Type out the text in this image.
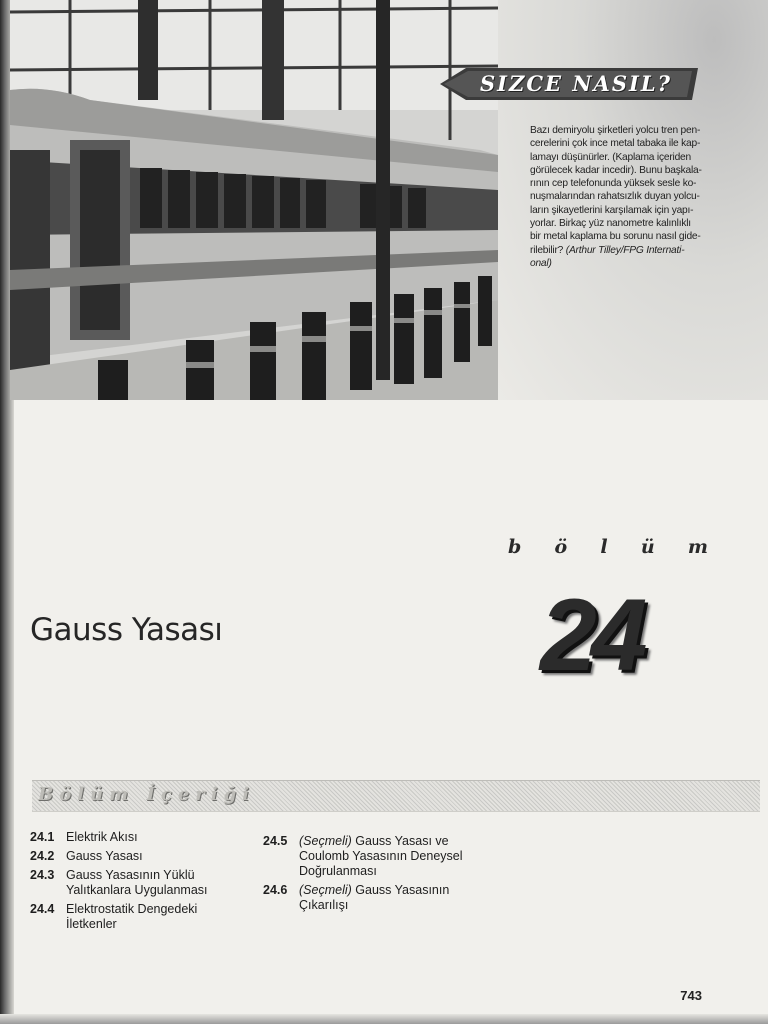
SIZCE NASIL?
Bazı demiryolu şirketleri yolcu tren pen-
cerelerini çok ince metal tabaka ile kap-
lamayı düşünürler. (Kaplama içeriden
görülecek kadar incedir). Bunu başkala-
rının cep telefonunda yüksek sesle ko-
nuşmalarından rahatsızlık duyan yolcu-
ların şikayetlerini karşılamak için yapı-
yorlar. Birkaç yüz nanometre kalınlıklı
bir metal kaplama bu sorunu nasıl gide-
rilebilir? (Arthur Tilley/FPG Internati-
onal)
b ö l ü m
24
Gauss Yasası
Bölüm İçeriği
24.1 Elektrik Akısı
24.2 Gauss Yasası
24.3 Gauss Yasasının Yüklü
Yalıtkanlara Uygulanması
24.4 Elektrostatik Dengedeki
İletkenler
24.5 (Seçmeli) Gauss Yasası ve
Coulomb Yasasının Deneysel
Doğrulanması
24.6 (Seçmeli) Gauss Yasasının
Çıkarılışı
743
